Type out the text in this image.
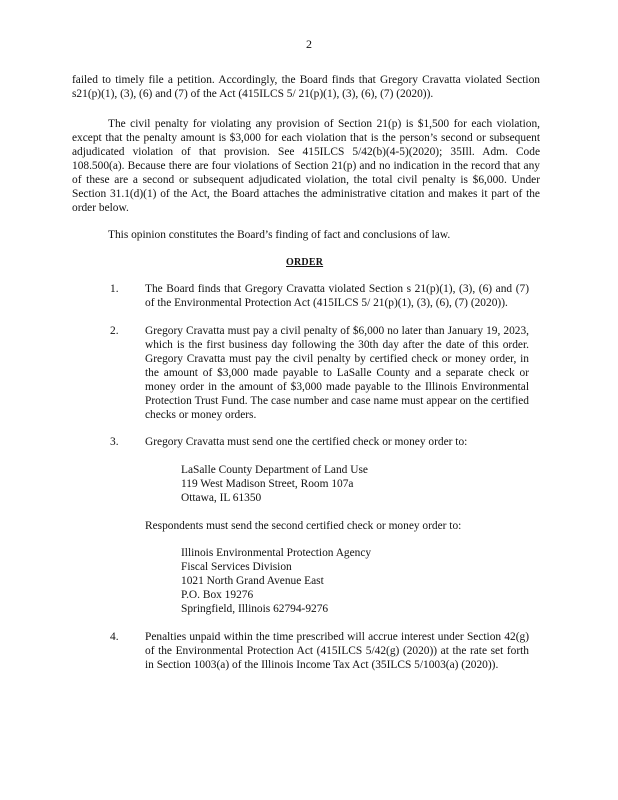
2
failed to timely file a petition. Accordingly, the Board finds that Gregory Cravatta violated Section s21(p)(1), (3), (6) and (7) of the Act (415ILCS 5/ 21(p)(1), (3), (6), (7) (2020)).
The civil penalty for violating any provision of Section 21(p) is $1,500 for each violation, except that the penalty amount is $3,000 for each violation that is the person’s second or subsequent adjudicated violation of that provision. See 415ILCS 5/42(b)(4-5)(2020); 35Ill. Adm. Code 108.500(a). Because there are four violations of Section 21(p) and no indication in the record that any of these are a second or subsequent adjudicated violation, the total civil penalty is $6,000. Under Section 31.1(d)(1) of the Act, the Board attaches the administrative citation and makes it part of the order below.
This opinion constitutes the Board’s finding of fact and conclusions of law.
ORDER
1.	The Board finds that Gregory Cravatta violated Section s 21(p)(1), (3), (6) and (7) of the Environmental Protection Act (415ILCS 5/ 21(p)(1), (3), (6), (7) (2020)).
2.	Gregory Cravatta must pay a civil penalty of $6,000 no later than January 19, 2023, which is the first business day following the 30th day after the date of this order. Gregory Cravatta must pay the civil penalty by certified check or money order, in the amount of $3,000 made payable to LaSalle County and a separate check or money order in the amount of $3,000 made payable to the Illinois Environmental Protection Trust Fund. The case number and case name must appear on the certified checks or money orders.
3.	Gregory Cravatta must send one the certified check or money order to:
LaSalle County Department of Land Use
119 West Madison Street, Room 107a
Ottawa, IL 61350
Respondents must send the second certified check or money order to:
Illinois Environmental Protection Agency
Fiscal Services Division
1021 North Grand Avenue East
P.O. Box 19276
Springfield, Illinois 62794-9276
4.	Penalties unpaid within the time prescribed will accrue interest under Section 42(g) of the Environmental Protection Act (415ILCS 5/42(g) (2020)) at the rate set forth in Section 1003(a) of the Illinois Income Tax Act (35ILCS 5/1003(a) (2020)).
